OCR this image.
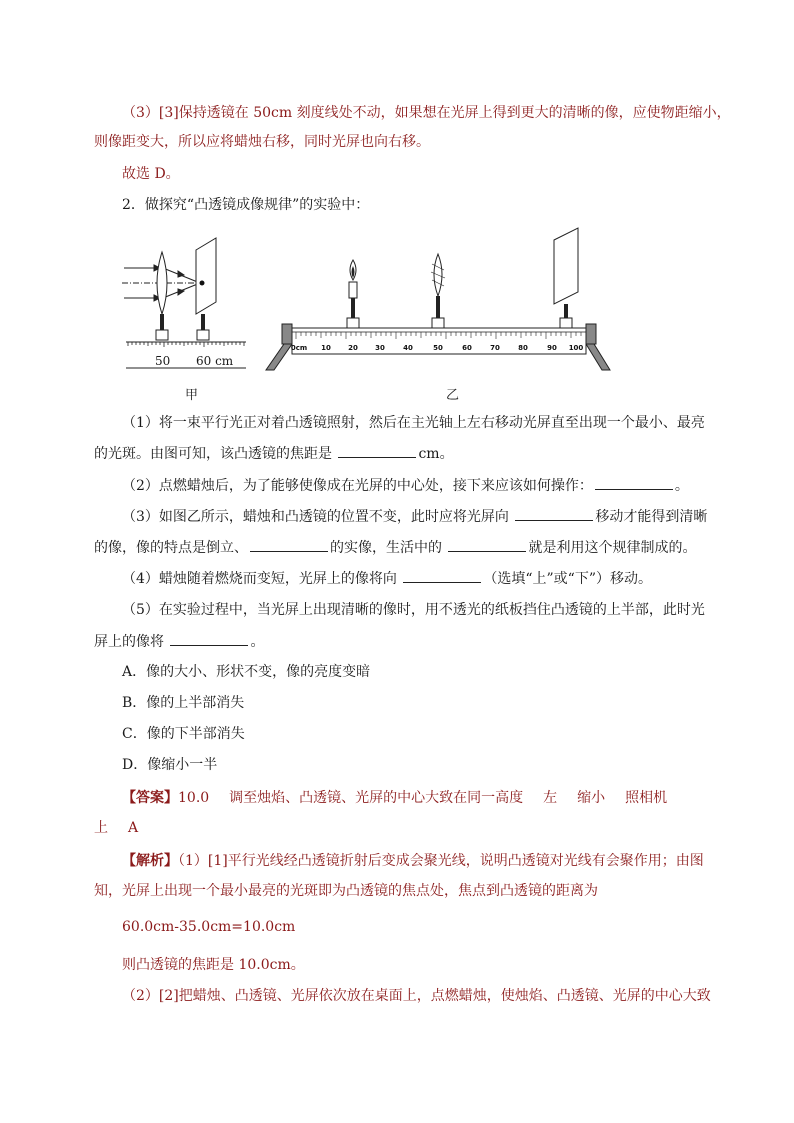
（3）[3]保持透镜在 50cm 刻度线处不动，如果想在光屏上得到更大的清晰的像，应使物距缩小，
则像距变大，所以应将蜡烛右移，同时光屏也向右移。
故选 D。
2．做探究“凸透镜成像规律”的实验中：
50 60 cm
甲
0cm 10 20 30	40	50	60	70	80	90 100
乙
（1）将一束平行光正对着凸透镜照射，然后在主光轴上左右移动光屏直至出现一个最小、最亮
的光斑。由图可知，该凸透镜的焦距是	cm。
（2）点燃蜡烛后，为了能够使像成在光屏的中心处，接下来应该如何操作：	。
（3）如图乙所示，蜡烛和凸透镜的位置不变，此时应将光屏向	移动才能得到清晰
的像，像的特点是倒立、	的实像，生活中的	就是利用这个规律制成的。
（4）蜡烛随着燃烧而变短，光屏上的像将向	（选填“上”或“下”）移动。
（5）在实验过程中，当光屏上出现清晰的像时，用不透光的纸板挡住凸透镜的上半部，此时光
屏上的像将	。
A．像的大小、形状不变，像的亮度变暗
B．像的上半部消失
C．像的下半部消失
D．像缩小一半
【答案】10.0 调至烛焰、凸透镜、光屏的中心大致在同一高度 左 缩小 照相机
上 A
【解析】（1）[1]平行光线经凸透镜折射后变成会聚光线，说明凸透镜对光线有会聚作用；由图
知，光屏上出现一个最小最亮的光斑即为凸透镜的焦点处，焦点到凸透镜的距离为
60.0cm-35.0cm=10.0cm
则凸透镜的焦距是 10.0cm。
（2）[2]把蜡烛、凸透镜、光屏依次放在桌面上，点燃蜡烛，使烛焰、凸透镜、光屏的中心大致
